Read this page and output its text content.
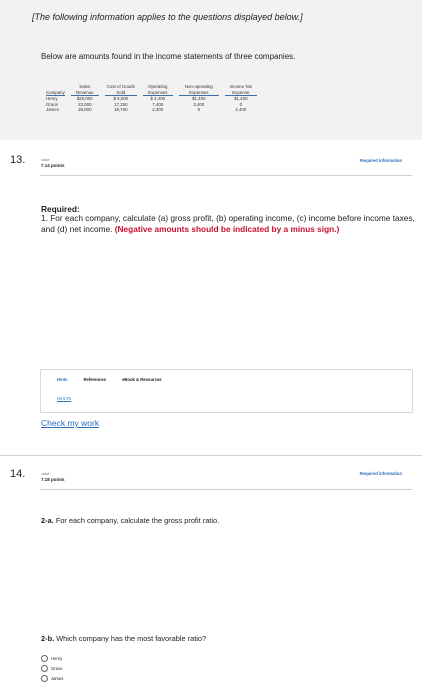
[The following information applies to the questions displayed below.]
Below are amounts found in the income statements of three companies.
Company	Sales Revenue	Cost of Goods Sold	Operating Expenses	Non-operating Expenses	Income Tax Expense

Henry	$20,000	$ 6,000	$ 4,400	$1,400	$1,400
Grace	23,000	17,250	7,400	3,400	0
James	28,000	18,760	2,400	0	2,400
13.	value:
7.14 points
Required information
Required:
1. For each company, calculate (a) gross profit, (b) operating income, (c) income before income taxes, and (d) net income. (Negative amounts should be indicated by a minus sign.)
Hints	References	eBook & Resources
Hint #1
Check my work
14.	value:
7.18 points
Required information
2-a. For each company, calculate the gross profit ratio.
2-b. Which company has the most favorable ratio?
Henry
Grace
James
